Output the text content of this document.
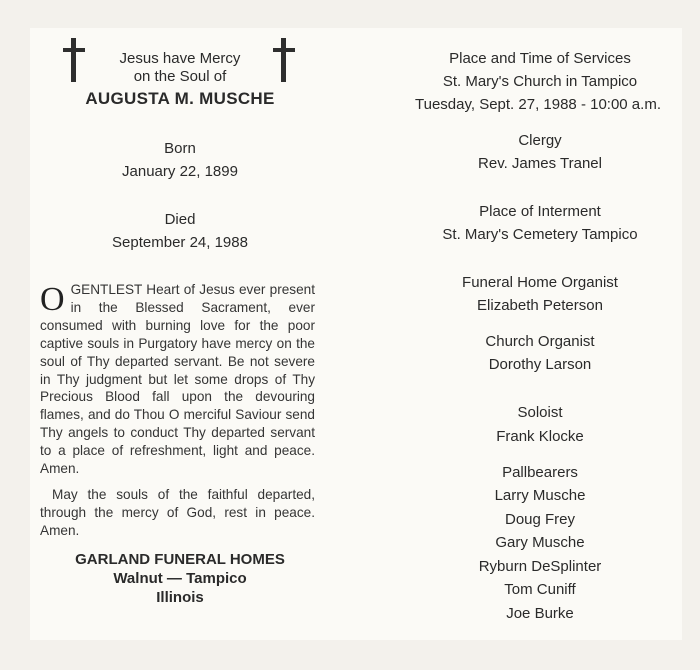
Jesus have Mercy
on the Soul of
AUGUSTA M. MUSCHE
Born
January 22, 1899
Died
September 24, 1988

O GENTLEST Heart of Jesus ever present in the Blessed Sacrament, ever consumed with burning love for the poor captive souls in Purgatory have mercy on the soul of Thy departed servant. Be not severe in Thy judgment but let some drops of Thy Precious Blood fall upon the devouring flames, and do Thou O merciful Saviour send Thy angels to conduct Thy departed servant to a place of refreshment, light and peace. Amen.

May the souls of the faithful departed, through the mercy of God, rest in peace. Amen.

GARLAND FUNERAL HOMES
Walnut — Tampico
Illinois
Place and Time of Services
St. Mary's Church in Tampico
Tuesday, Sept. 27, 1988 - 10:00 a.m.
Clergy
Rev. James Tranel
Place of Interment
St. Mary's Cemetery Tampico
Funeral Home Organist
Elizabeth Peterson
Church Organist
Dorothy Larson
Soloist
Frank Klocke
Pallbearers
Larry Musche
Doug Frey
Gary Musche
Ryburn DeSplinter
Tom Cuniff
Joe Burke
